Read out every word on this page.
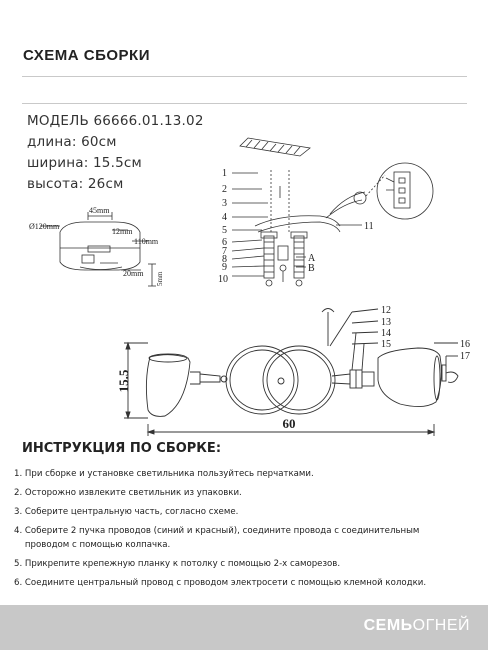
СХЕМА СБОРКИ
МОДЕЛЬ 66666.01.13.02
длина: 60см
ширина: 15.5см
высота: 26см
Ø120mm
45mm
12mm
110mm
20mm 5mm
1
2
3
4
5
6
7
8
9
10
11
A
B
12
13
14
15	16
17
15.5
60
ИНСТРУКЦИЯ ПО СБОРКЕ:
1. При сборке и установке светильника пользуйтесь перчатками.
2. Осторожно извлеките светильник из упаковки.
3. Соберите центральную часть, согласно схеме.
4. Соберите 2 пучка проводов (синий и красный), соедините провода с соединительным
проводом с помощью колпачка.
5. Прикрепите крепежную планку к потолку с помощью 2-х саморезов.
6. Соедините центральный провод с проводом электросети с помощью клемной колодки.
СЕМЬОГНЕЙ
